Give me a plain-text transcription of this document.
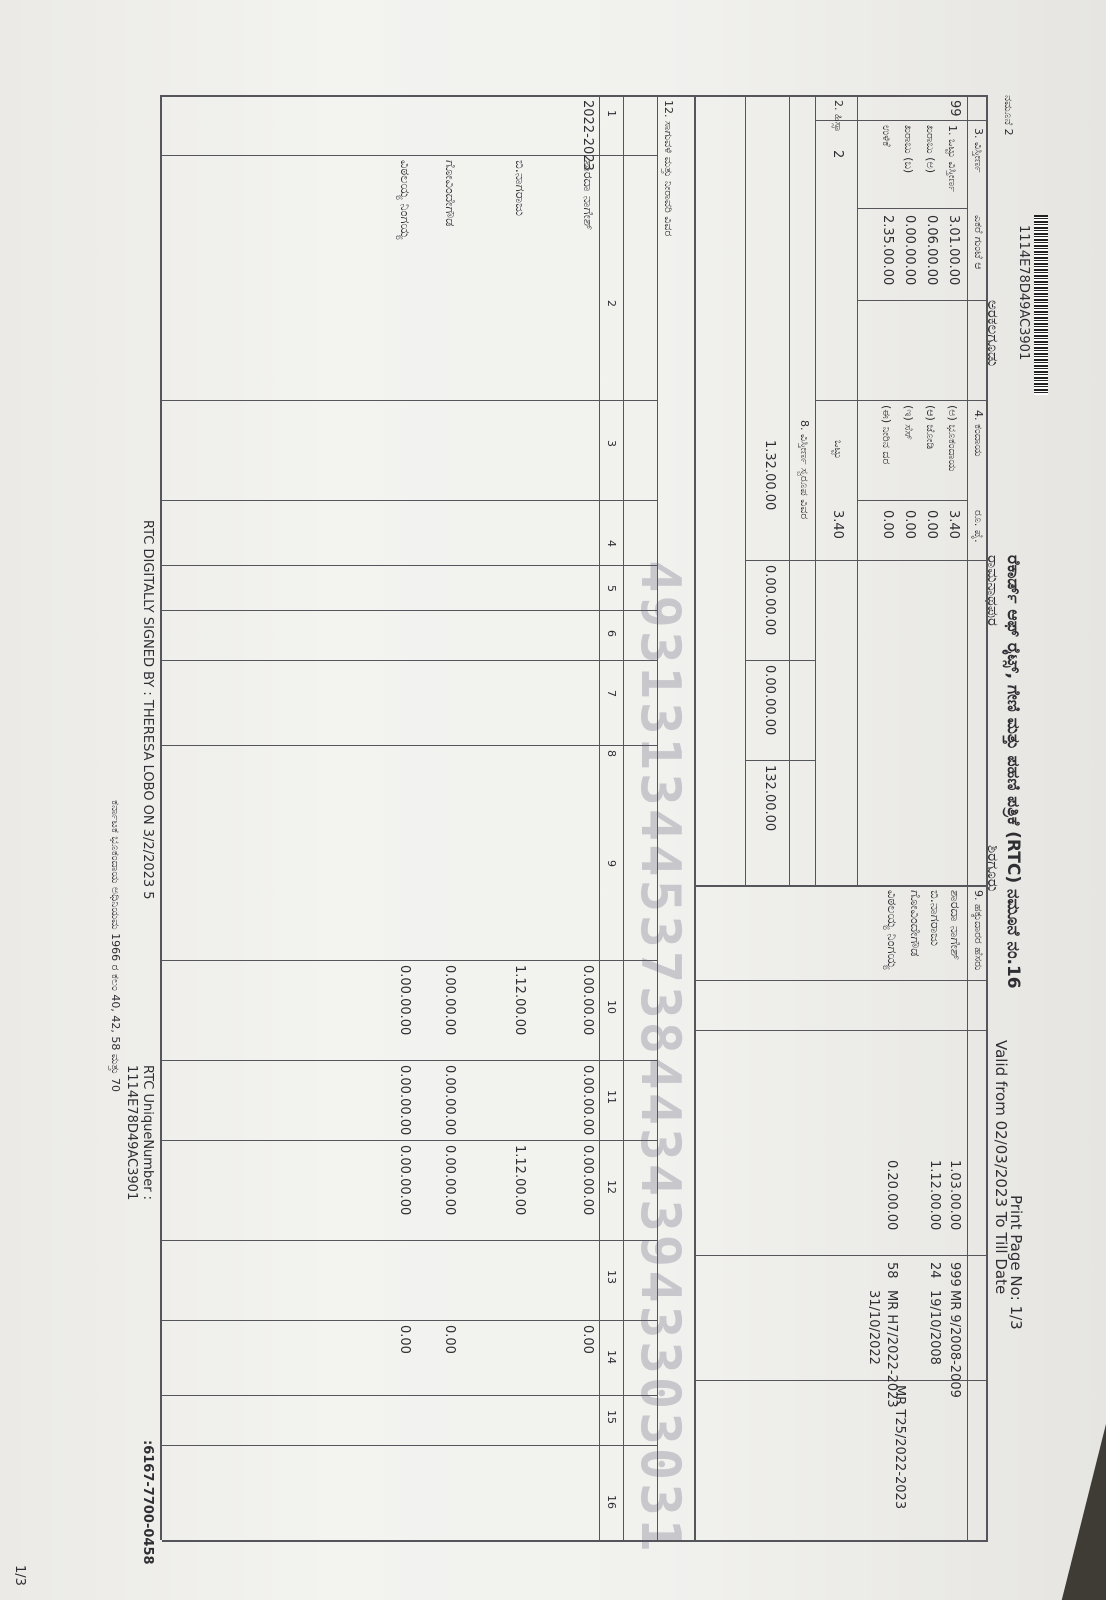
1114E78D49AC3901
ನಮೂನೆ 2
ರೆಕಾರ್ಡ್ ಆಫ್ ರೈಟ್ಸ್, ಗೇಣಿ ಮತ್ತು ಪಹಣಿ ಪತ್ರಿಕೆ (RTC) ನಮೂನೆ ನಂ.16
ಅರಕಲಗೂಡು
ರಾಮನಾಥಪುರ
ಶಿರಗೂರು
Print Page No: 1/3
Valid from 02/03/2023 To Till Date
99
3. ವಿಸ್ತೀರ್ಣ
ಎಕರೆ ಗುಂಟೆ ಆ
1. ಒಟ್ಟು ವಿಸ್ತೀರ್ಣ
3.01.00.00
ಖರಾಬು (ಅ)
0.06.00.00
ಖರಾಬು (ಬ)
0.00.00.00
ಉಳಿಕೆ
2.35.00.00
4. ಕಂದಾಯ
ರೂ. ಪೈ.
(ಅ) ಭೂಕಂದಾಯ
3.40
(ಆ) ಜೋಡಿ
0.00
(ಇ) ಸೆಸ್
0.00
(ಈ) ನೀರಿನ ದರ
0.00
ಒಟ್ಟು
3.40
2. ಹಿಸ್ಸಾ
2
8. ವಿಸ್ತೀರ್ಣ ಸ್ವರೂಪ ವಿವರ
1.32.00.00
0.00.00.00
0.00.00.00
132.00.00
9. ಹಕ್ಕುದಾರರ ಹೆಸರು
ಶಾರದಾ ನಾಗೇಶ್
1.03.00.00
999
MR 9/2008-2009
ಬಿ.ನಾಗರಾಜು
1.12.00.00
24
19/10/2008
ಗೋವಿಂದೇಗೌಡ
ವಿಠಲಯ್ಯ ನಿಂಗಯ್ಯ
0.20.00.00
58
MR H7/2022-2023
31/10/2022
MR T25/2022-2023
12. ಸಾಗುವಳಿ ಮತ್ತು ನೀರಾವರಿ ವಿವರ
1
2
3
4
5
6
7
8
9
10
11
12
13
14
15
16
2022-2023
ಶಾರದಾ ನಾಗೇಶ್
0.00.00.00
0.00.00.00
0.00.00.00
0.00
ಬಿ.ನಾಗರಾಜು
1.12.00.00
1.12.00.00
ಗೋವಿಂದೇಗೌಡ
0.00.00.00
0.00.00.00
0.00.00.00
0.00
ವಿಠಲಯ್ಯ ನಿಂಗಯ್ಯ
0.00.00.00
0.00.00.00
0.00.00.00
0.00	4931313445373844343943303031
RTC DIGITALLY SIGNED BY : THERESA LOBO ON 3/2/2023 5
RTC UniqueNumber :
1114E78D49AC3901
:6167-7700-0458
ಕರ್ನಾಟಕ ಭೂಕಂದಾಯ ಅಧಿನಿಯಮ 1966 ರ ಕಲಂ 40, 42, 58 ಮತ್ತು 70
1/3
